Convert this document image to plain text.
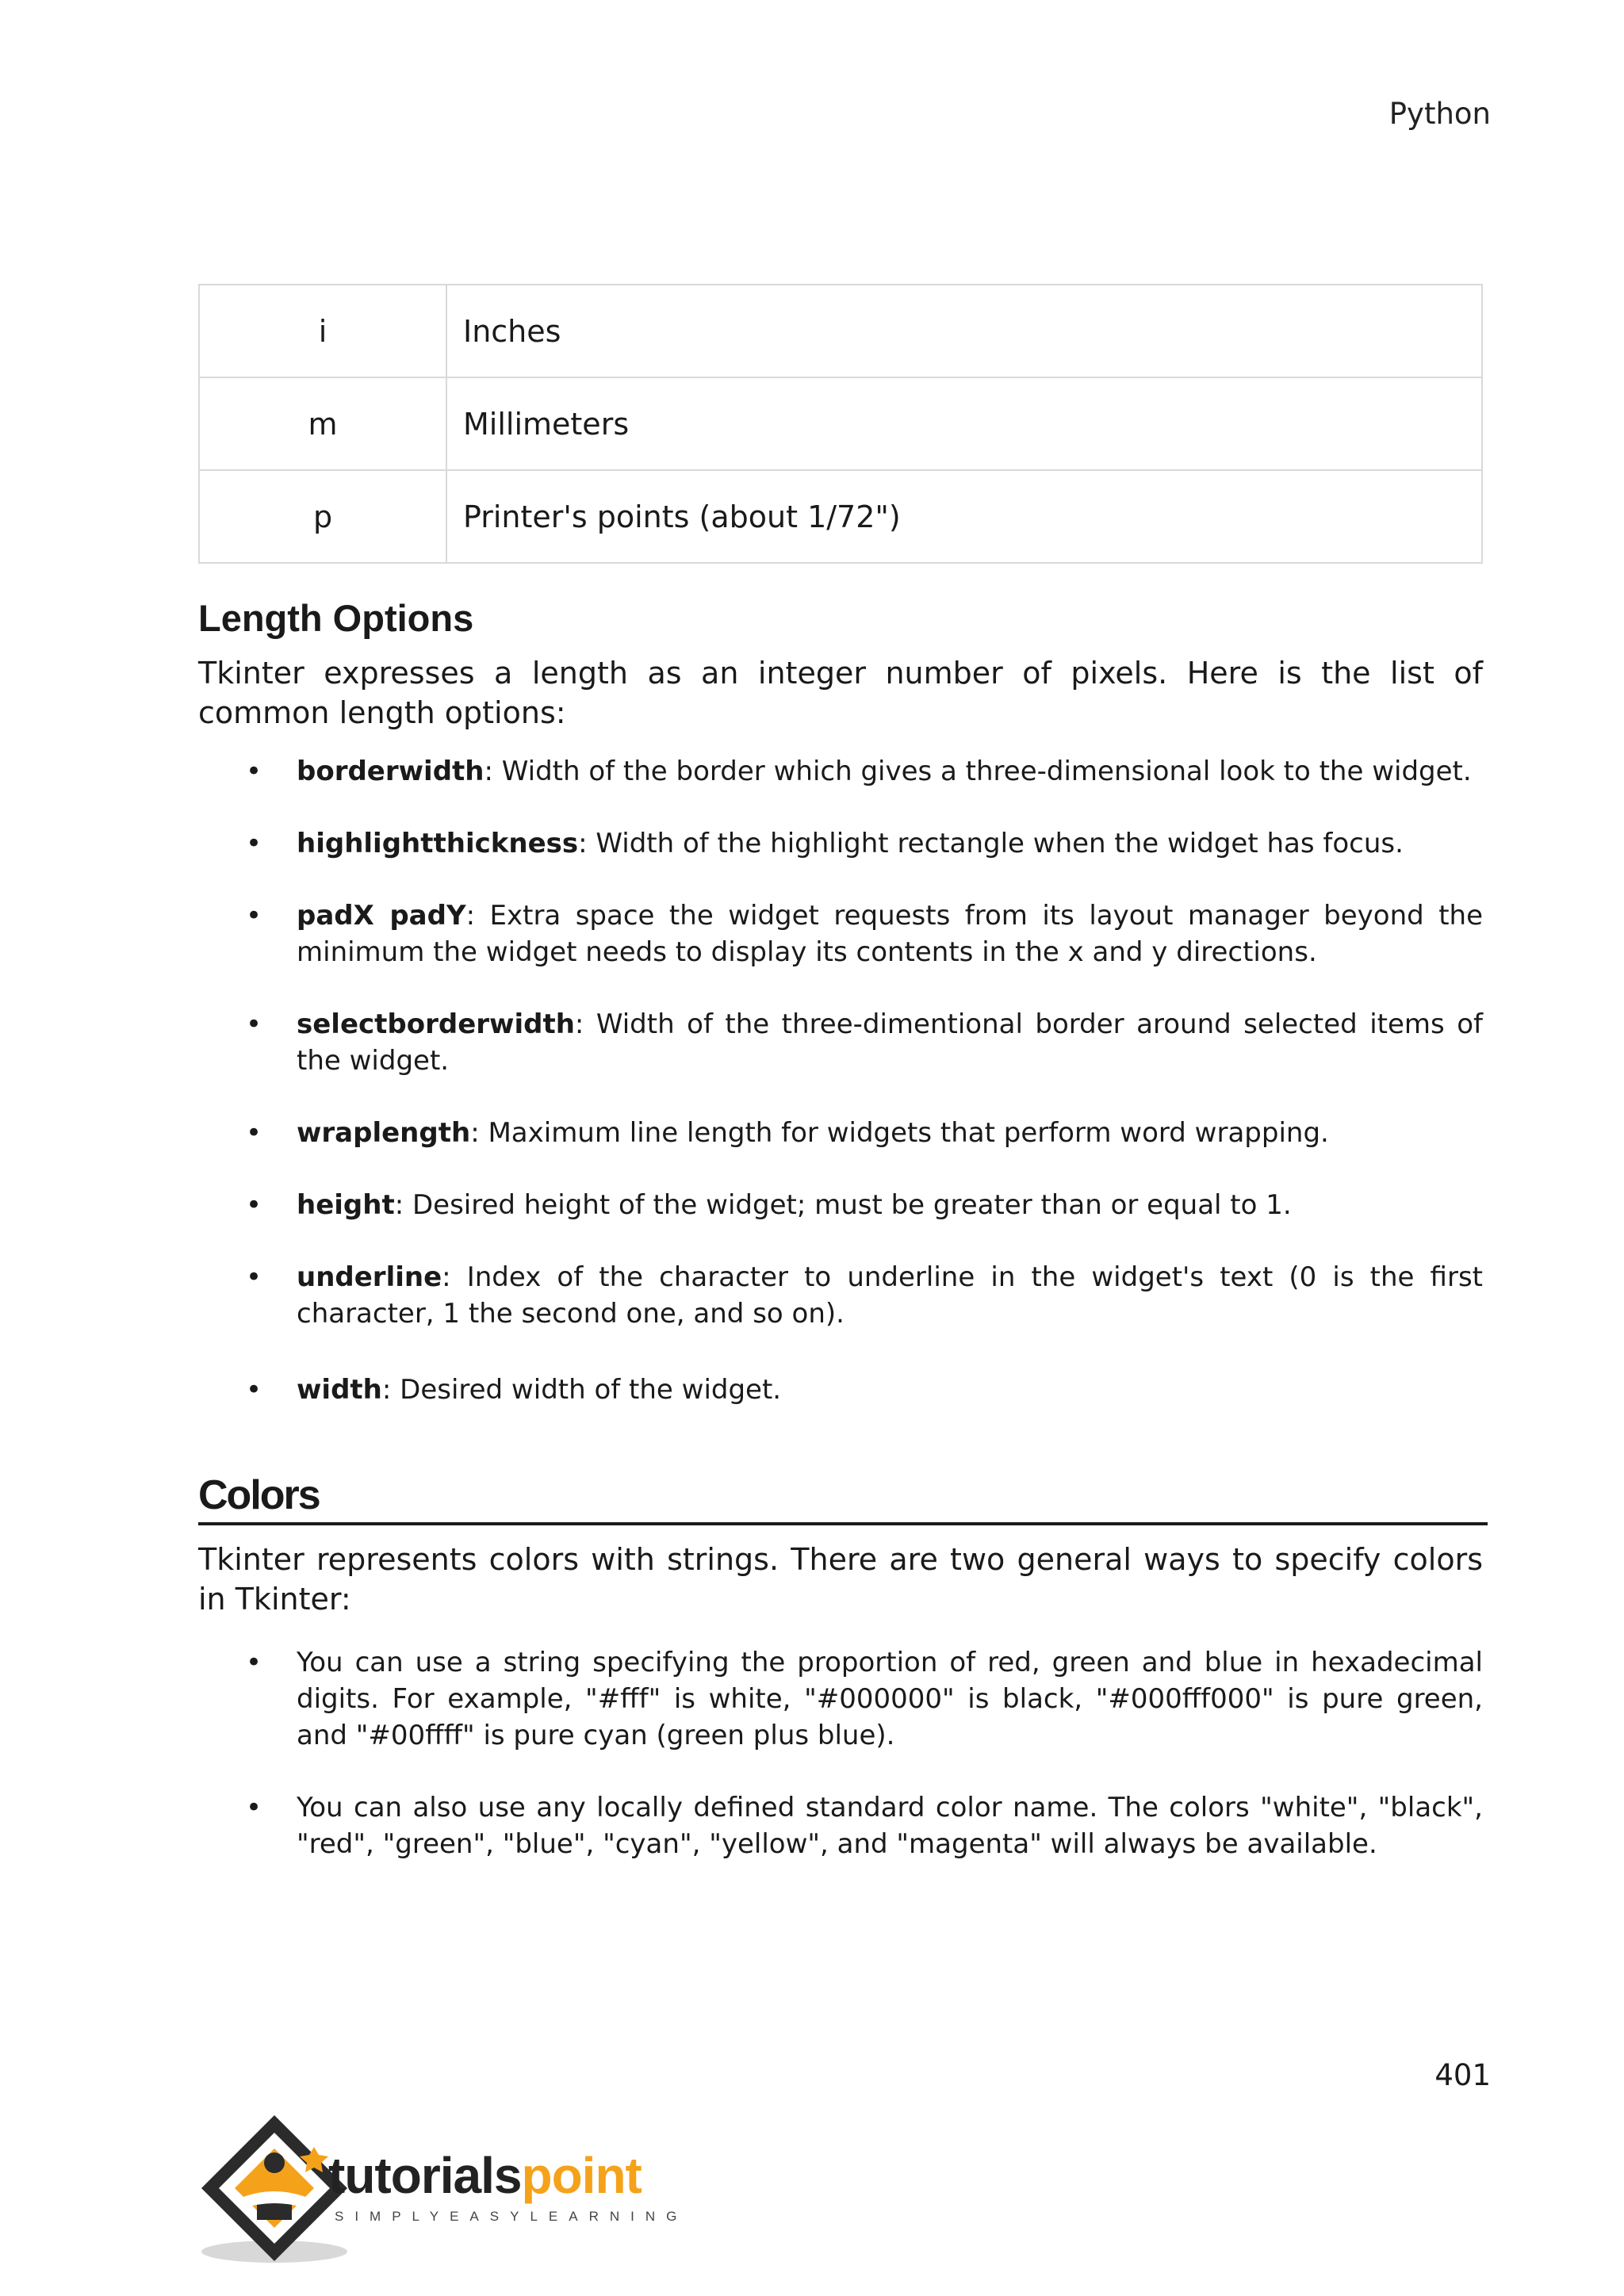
Python
i	Inches
m	Millimeters
p	Printer's points (about 1/72")
Length Options

Tkinter expresses a length as an integer number of pixels. Here is the list of common length options:

• borderwidth: Width of the border which gives a three-dimensional look to the widget.
• highlightthickness: Width of the highlight rectangle when the widget has focus.
• padX padY: Extra space the widget requests from its layout manager beyond the minimum the widget needs to display its contents in the x and y directions.
• selectborderwidth: Width of the three-dimentional border around selected items of the widget.
• wraplength: Maximum line length for widgets that perform word wrapping.
• height: Desired height of the widget; must be greater than or equal to 1.
• underline: Index of the character to underline in the widget's text (0 is the first character, 1 the second one, and so on).
• width: Desired width of the widget.
Colors

Tkinter represents colors with strings. There are two general ways to specify colors in Tkinter:

• You can use a string specifying the proportion of red, green and blue in hexadecimal digits. For example, "#fff" is white, "#000000" is black, "#000fff000" is pure green, and "#00ffff" is pure cyan (green plus blue).
• You can also use any locally defined standard color name. The colors "white", "black", "red", "green", "blue", "cyan", "yellow", and "magenta" will always be available.
401
tutorialspoint
SIMPLYEASYLEARNING
